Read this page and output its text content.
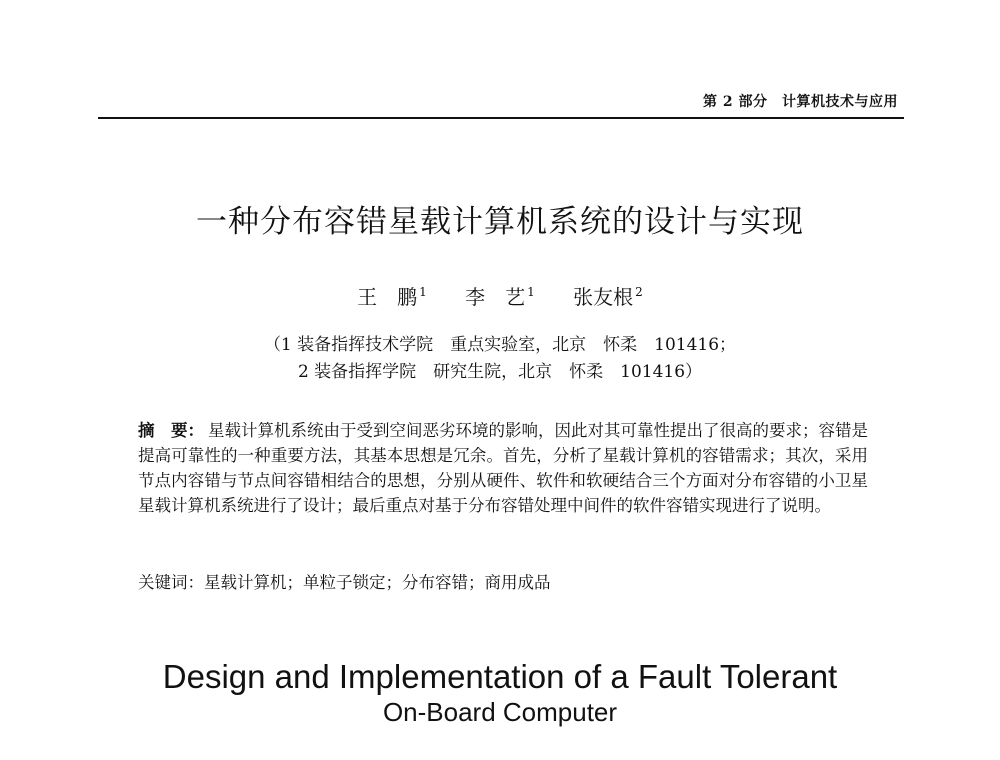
第 2 部分　计算机技术与应用
一种分布容错星载计算机系统的设计与实现
王　鹏 $^1$ 李　艺 $^1$ 张友根 $^2$
（1 装备指挥技术学院　重点实验室，北京　怀柔　101416；
2 装备指挥学院　研究生院，北京　怀柔　101416）
摘　要： 星载计算机系统由于受到空间恶劣环境的影响，因此对其可靠性提出了很高的要求；容错是提高可靠性的一种重要方法，其基本思想是冗余。首先，分析了星载计算机的容错需求；其次，采用节点内容错与节点间容错相结合的思想，分别从硬件、软件和软硬结合三个方面对分布容错的小卫星星载计算机系统进行了设计；最后重点对基于分布容错处理中间件的软件容错实现进行了说明。
关键词：星载计算机；单粒子锁定；分布容错；商用成品
Design and Implementation of a Fault Tolerant
On-Board Computer
